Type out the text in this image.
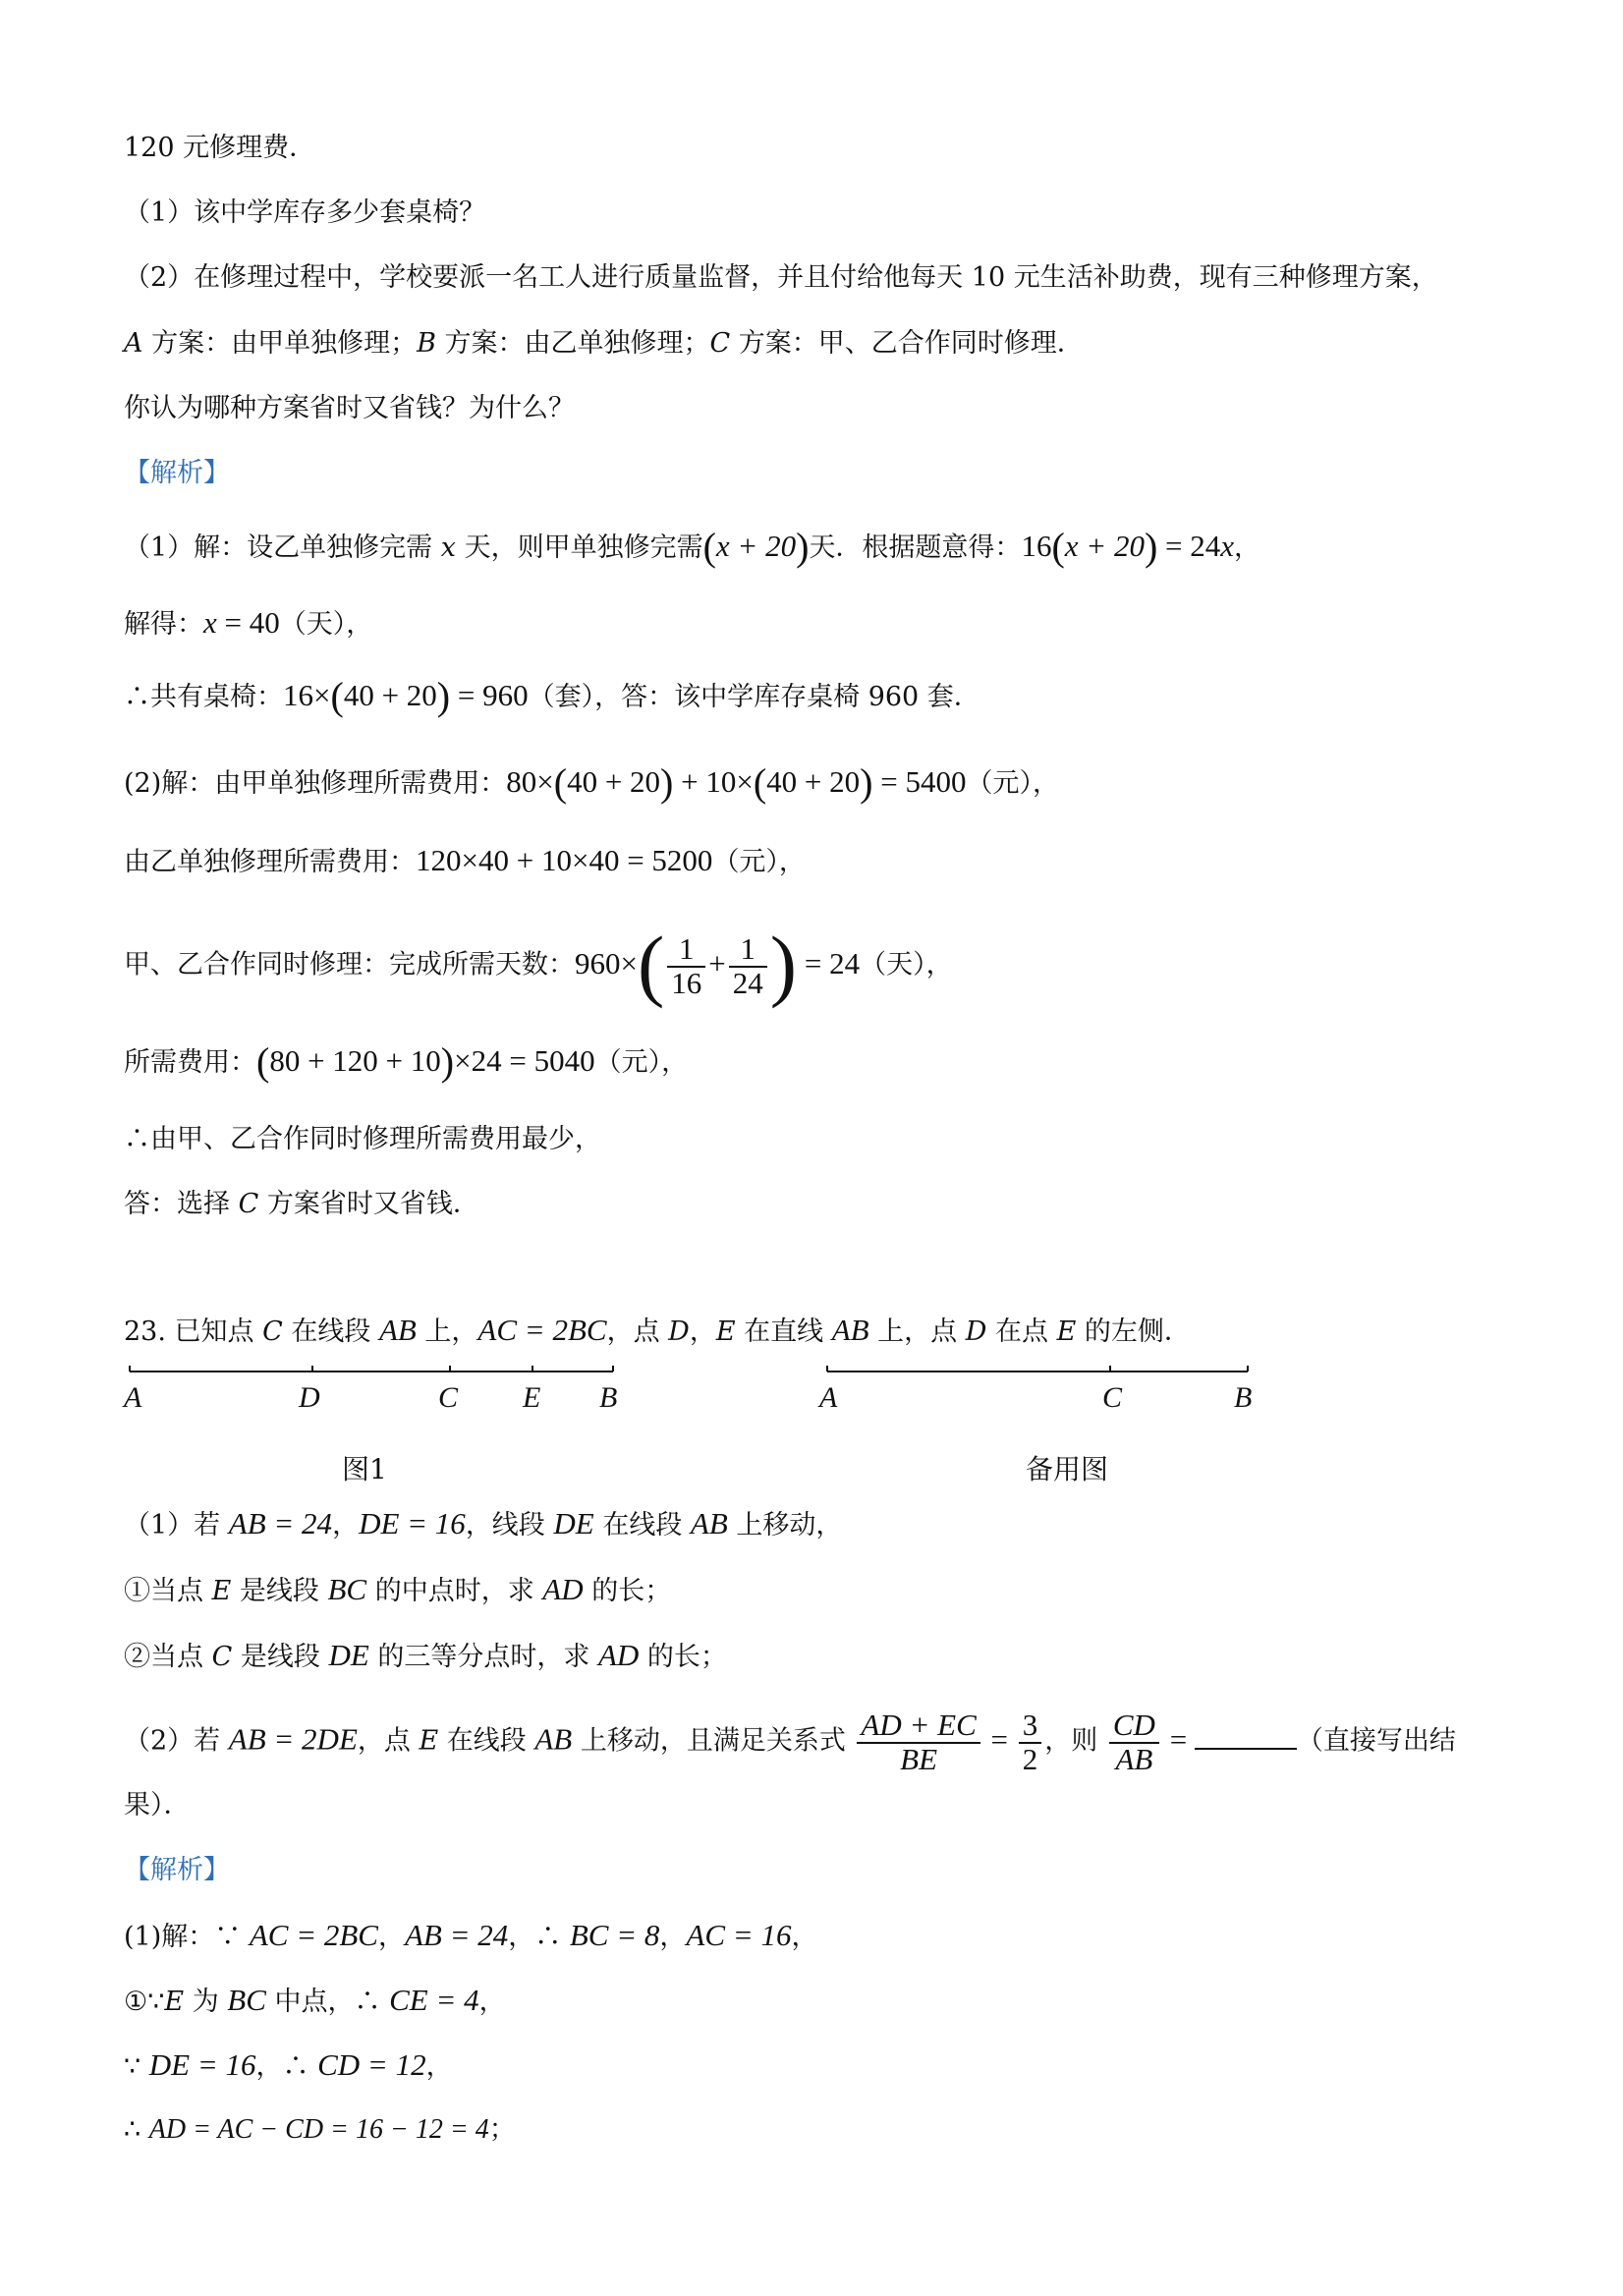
120 元修理费．
（1）该中学库存多少套桌椅？
（2）在修理过程中，学校要派一名工人进行质量监督，并且付给他每天 10 元生活补助费，现有三种修理方案，
A 方案：由甲单独修理；B 方案：由乙单独修理；C 方案：甲、乙合作同时修理．
你认为哪种方案省时又省钱？为什么？
【解析】
（1）解：设乙单独修完需 x 天，则甲单独修完需(x + 20)天．根据题意得：16(x + 20) = 24x，
解得：x = 40（天），
∴共有桌椅：16×(40 + 20) = 960（套），答：该中学库存桌椅 960 套．
(2)解：由甲单独修理所需费用：80×(40 + 20) + 10×(40 + 20) = 5400（元），
由乙单独修理所需费用：120×40 + 10×40 = 5200（元），
甲、乙合作同时修理：完成所需天数：$960\times( \frac{1}{16} + \frac{1}{24}$ ) = 24（天），
所需费用：(80 + 120 + 10)×24 = 5040（元），
∴由甲、乙合作同时修理所需费用最少，
答：选择 C 方案省时又省钱．
23. 已知点 C 在线段 AB 上，AC = 2BC，点 D，E 在直线 AB 上，点 D 在点 E 的左侧．
A	D	C E B	A	C	B
图1	备用图
（1）若 AB = 24，DE = 16，线段 DE 在线段 AB 上移动，
①当点 E 是线段 BC 的中点时，求 AD 的长；
②当点 C 是线段 DE 的三等分点时，求 AD 的长；
（2）若 AB = 2DE，点 E 在线段 AB 上移动，且满足关系式 $\frac{AD + EC}{BE} = \frac{3}{2}$ ，则 $\frac{CD}{AB}$ =	（直接写出结
果）．
【解析】
(1)解：∵ AC = 2BC，AB = 24，∴ BC = 8，AC = 16，
①∵E 为 BC 中点，∴ CE = 4，
∵ DE = 16，∴ CD = 12，
∴ AD = AC − CD = 16 − 12 = 4；
